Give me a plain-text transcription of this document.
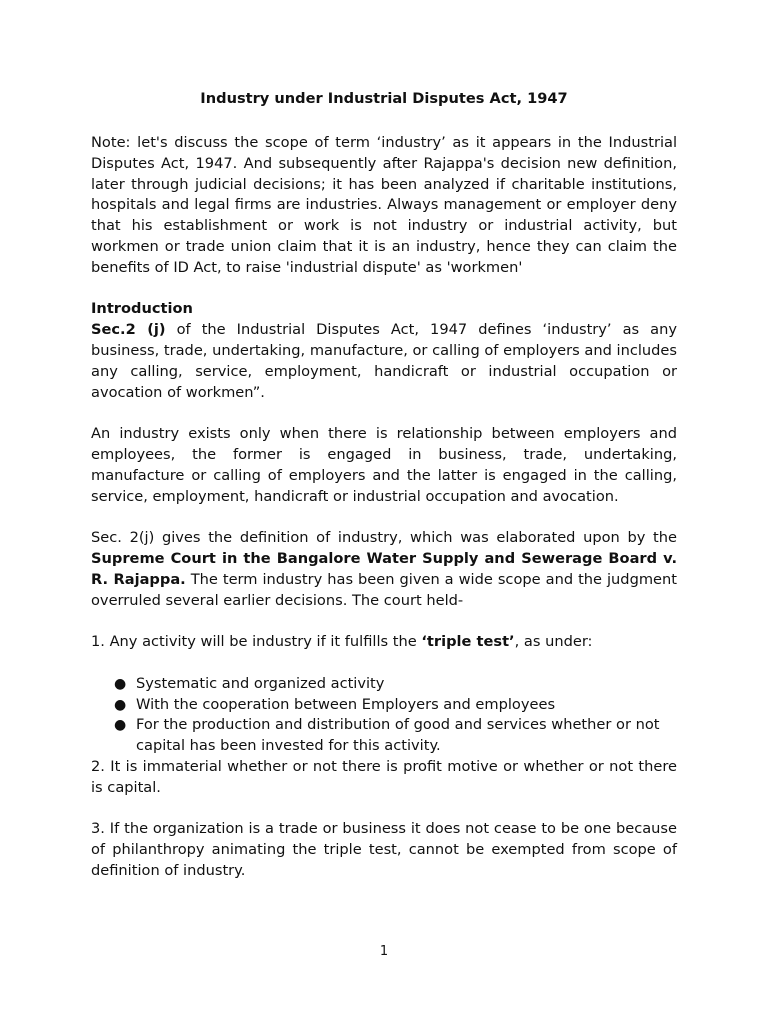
Industry under Industrial Disputes Act, 1947

Note: let's discuss the scope of term ‘industry’ as it appears in the Industrial Disputes Act, 1947. And subsequently after Rajappa's decision new definition, later through judicial decisions; it has been analyzed if charitable institutions, hospitals and legal firms are industries. Always management or employer deny that his establishment or work is not industry or industrial activity, but workmen or trade union claim that it is an industry, hence they can claim the benefits of ID Act, to raise 'industrial dispute' as 'workmen'

Introduction

Sec.2 (j) of the Industrial Disputes Act, 1947 defines ‘industry’ as any business, trade, undertaking, manufacture, or calling of employers and includes any calling, service, employment, handicraft or industrial occupation or avocation of workmen”.

An industry exists only when there is relationship between employers and employees, the former is engaged in business, trade, undertaking, manufacture or calling of employers and the latter is engaged in the calling, service, employment, handicraft or industrial occupation and avocation.

Sec. 2(j) gives the definition of industry, which was elaborated upon by the Supreme Court in the Bangalore Water Supply and Sewerage Board v. R. Rajappa. The term industry has been given a wide scope and the judgment overruled several earlier decisions. The court held-

1. Any activity will be industry if it fulfills the ‘triple test’, as under:

● Systematic and organized activity
● With the cooperation between Employers and employees
● For the production and distribution of good and services whether or not capital has been invested for this activity.

2. It is immaterial whether or not there is profit motive or whether or not there is capital.

3. If the organization is a trade or business it does not cease to be one because of philanthropy animating the triple test, cannot be exempted from scope of definition of industry.

1
